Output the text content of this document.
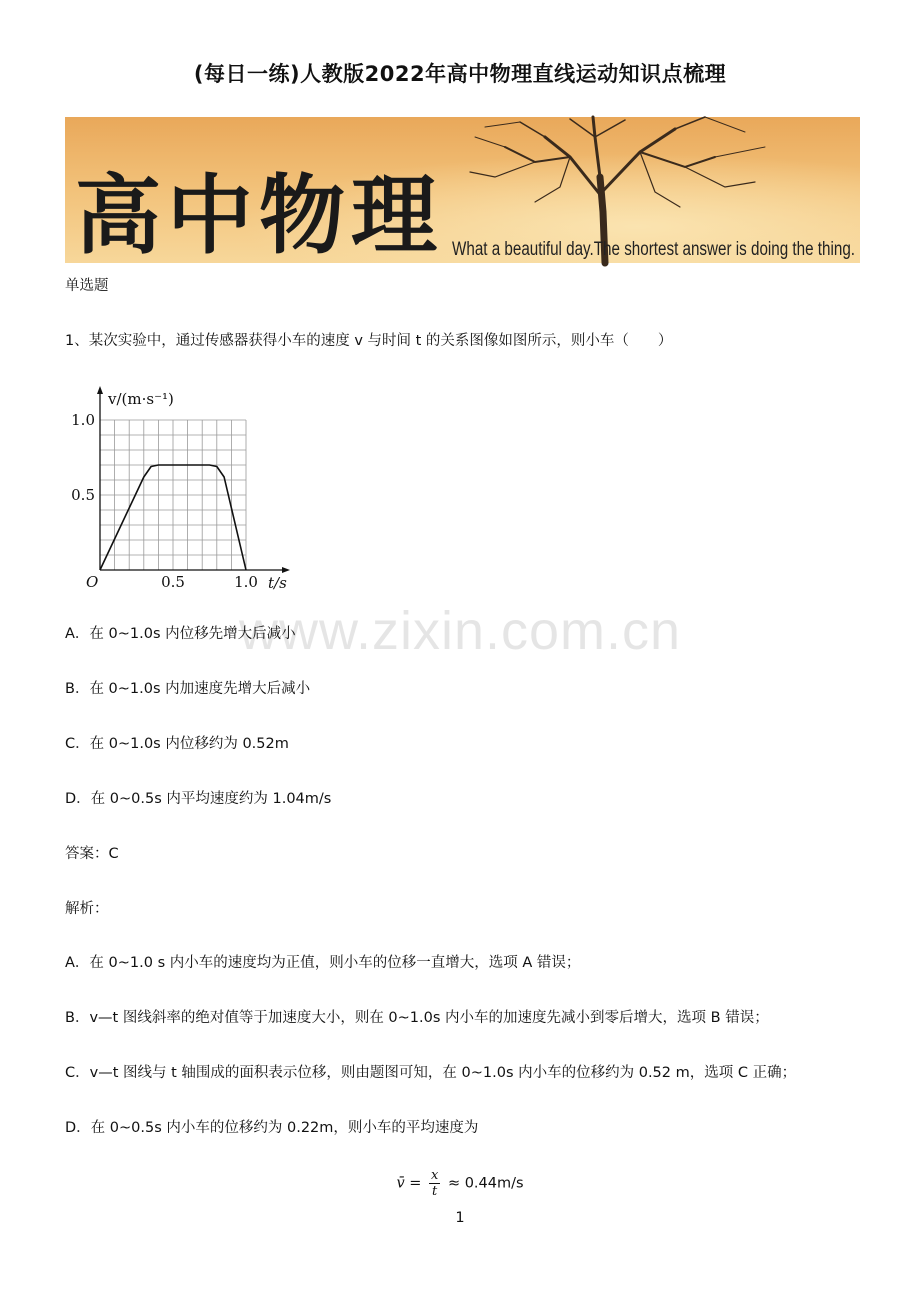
(每日一练)人教版2022年高中物理直线运动知识点梳理
高中物理 What a beautiful day.The shortest answer is doing the thing.
单选题
1、某次实验中，通过传感器获得小车的速度 v 与时间 t 的关系图像如图所示，则小车（　　）
0.5	1.0
0.5
1.0
O	t/s
v/(m·s⁻¹)
www.zixin.com.cn
A．在 0~1.0s 内位移先增大后减小
B．在 0~1.0s 内加速度先增大后减小
C．在 0~1.0s 内位移约为 0.52m
D．在 0~0.5s 内平均速度约为 1.04m/s
答案：C
解析：
A．在 0~1.0 s 内小车的速度均为正值，则小车的位移一直增大，选项 A 错误；
B．v—t 图线斜率的绝对值等于加速度大小，则在 0~1.0s 内小车的加速度先减小到零后增大，选项 B 错误；
C．v—t 图线与 t 轴围成的面积表示位移，则由题图可知，在 0~1.0s 内小车的位移约为 0.52 m，选项 C 正确；
D．在 0~0.5s 内小车的位移约为 0.22m，则小车的平均速度为
v̄ = $\frac{x}{t} \approx 0.44m/s$
1
